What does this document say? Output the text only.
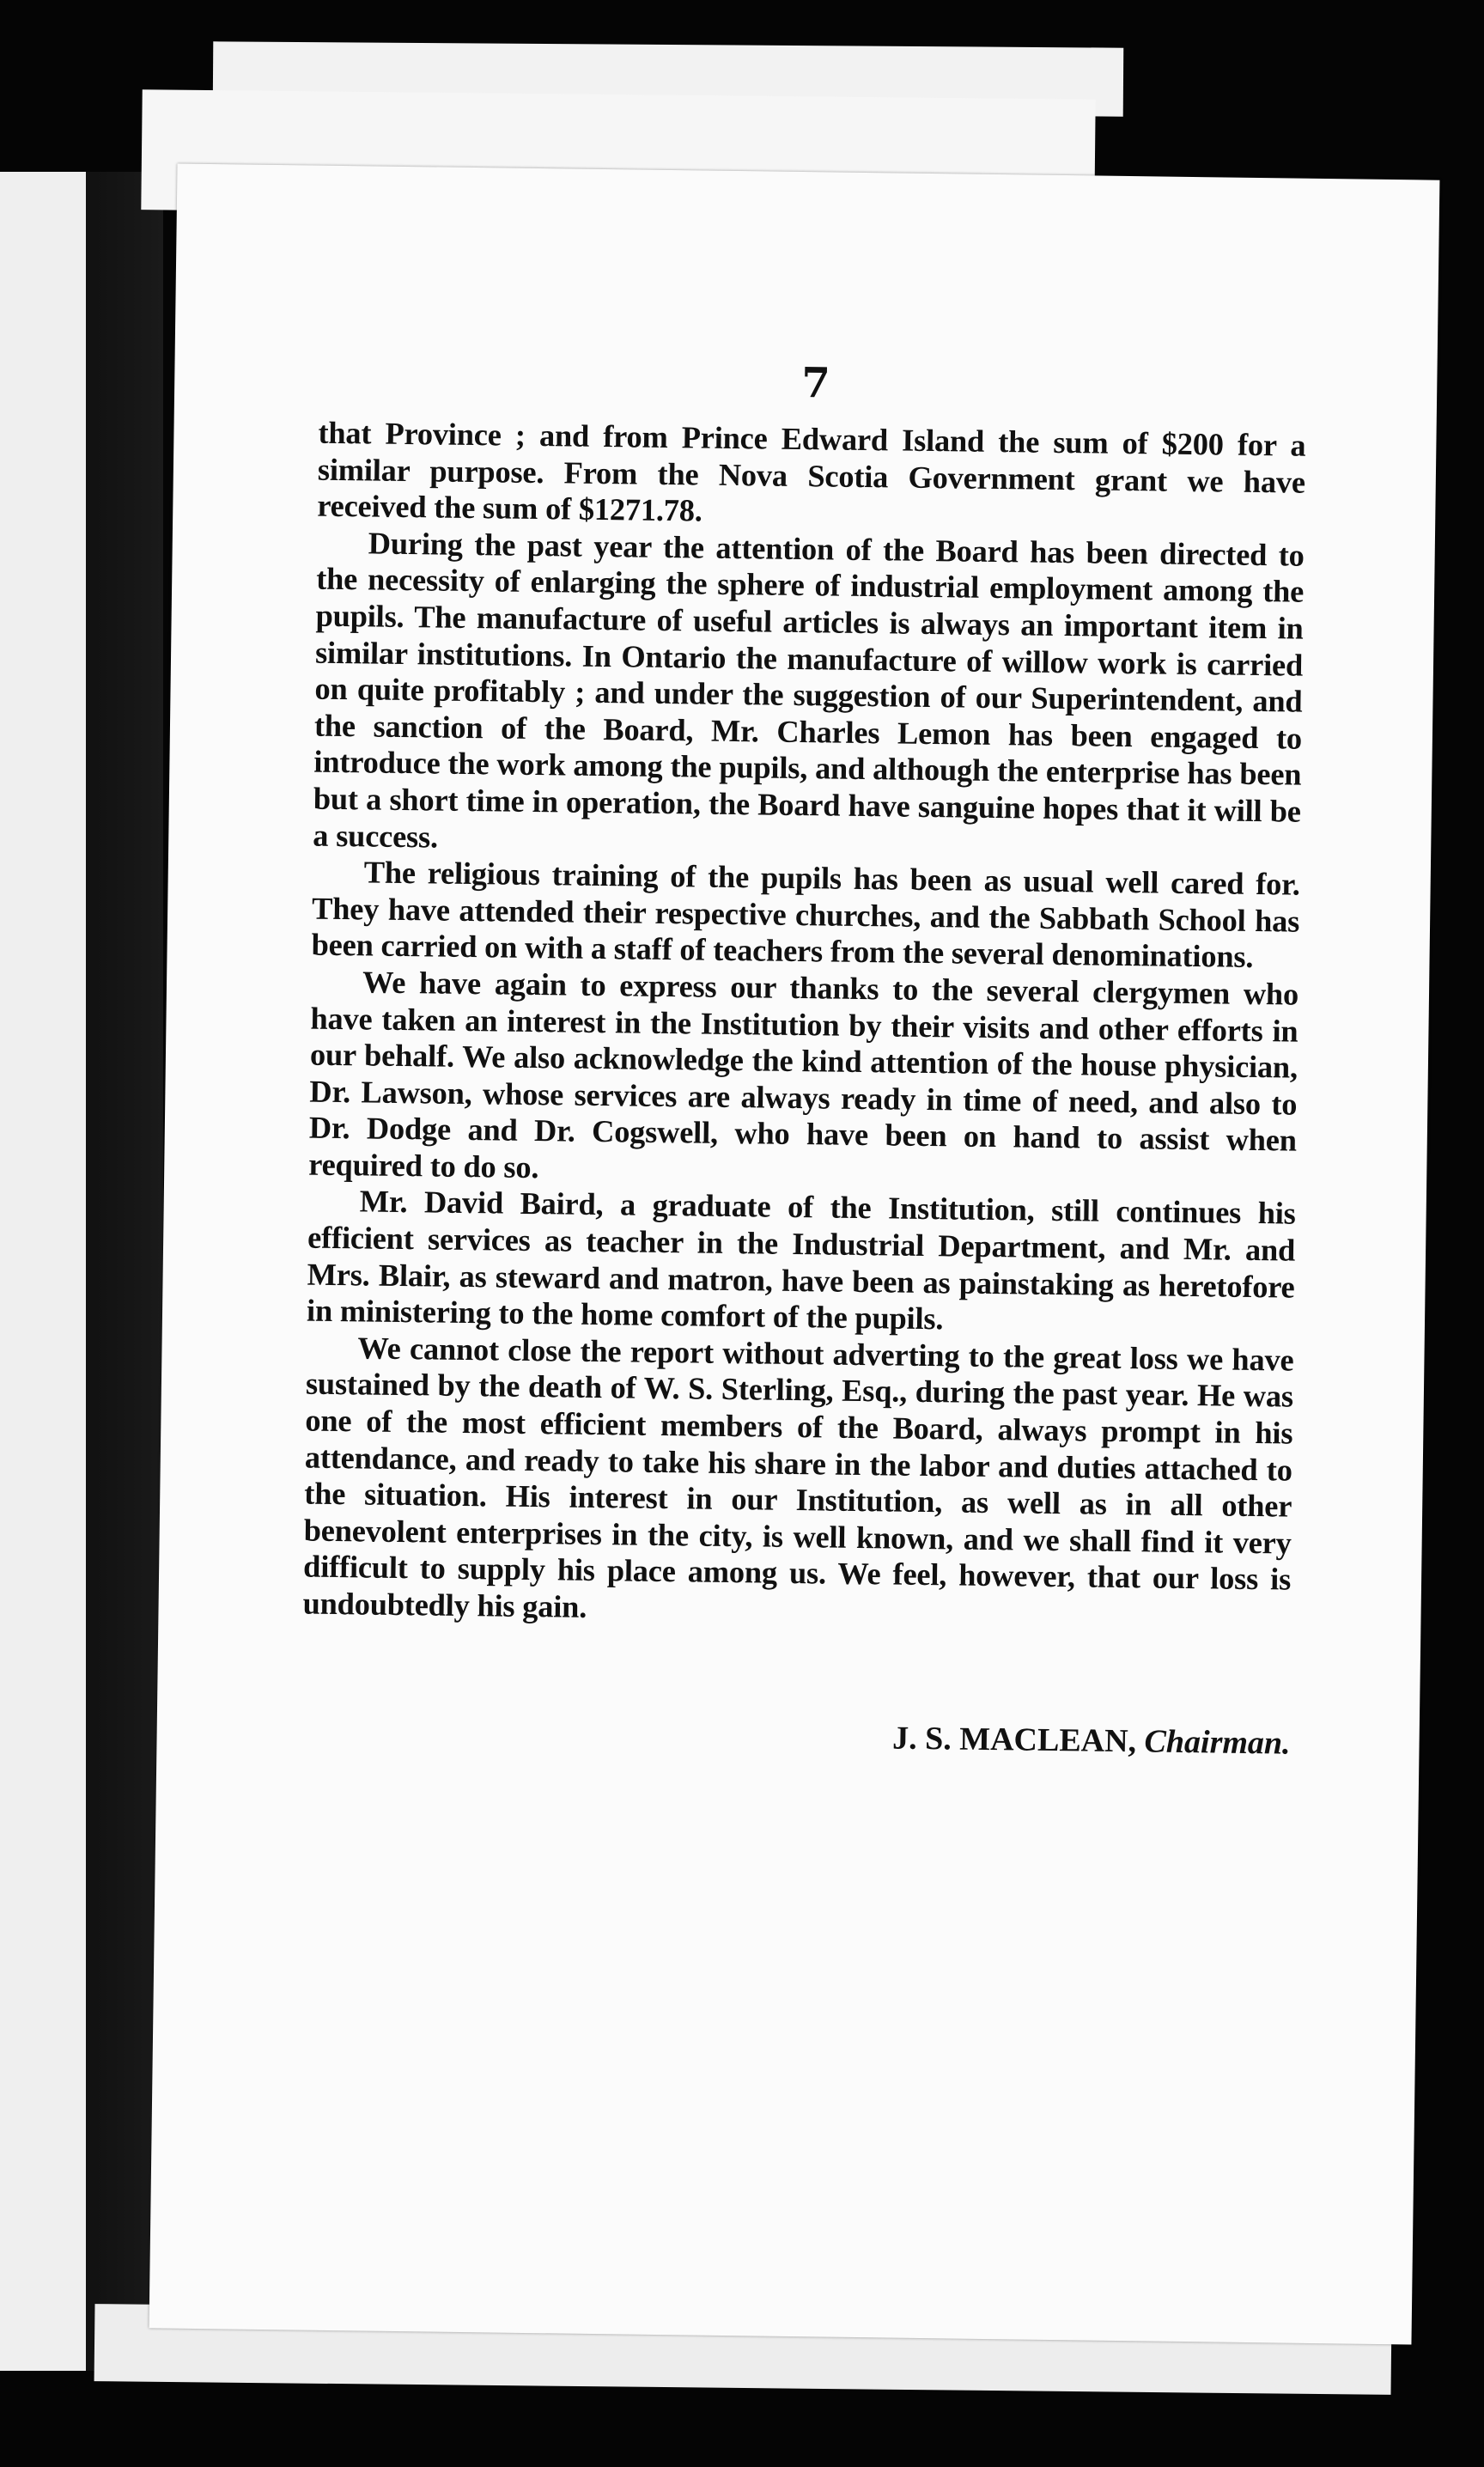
7

that Province ; and from Prince Edward Island the sum of $200 for a similar purpose. From the Nova Scotia Government grant we have received the sum of $1271.78.

During the past year the attention of the Board has been directed to the necessity of enlarging the sphere of industrial employment among the pupils. The manufacture of useful articles is always an important item in similar institutions. In Ontario the manufacture of willow work is carried on quite profitably ; and under the suggestion of our Superintendent, and the sanction of the Board, Mr. Charles Lemon has been engaged to introduce the work among the pupils, and although the enterprise has been but a short time in operation, the Board have sanguine hopes that it will be a success.

The religious training of the pupils has been as usual well cared for. They have attended their respective churches, and the Sabbath School has been carried on with a staff of teachers from the several denominations.

We have again to express our thanks to the several clergymen who have taken an interest in the Institution by their visits and other efforts in our behalf. We also acknowledge the kind attention of the house physician, Dr. Lawson, whose services are always ready in time of need, and also to Dr. Dodge and Dr. Cogswell, who have been on hand to assist when required to do so.

Mr. David Baird, a graduate of the Institution, still continues his efficient services as teacher in the Industrial Department, and Mr. and Mrs. Blair, as steward and matron, have been as painstaking as heretofore in ministering to the home comfort of the pupils.

We cannot close the report without adverting to the great loss we have sustained by the death of W. S. Sterling, Esq., during the past year. He was one of the most efficient members of the Board, always prompt in his attendance, and ready to take his share in the labor and duties attached to the situation. His interest in our Institution, as well as in all other benevolent enterprises in the city, is well known, and we shall find it very difficult to supply his place among us. We feel, however, that our loss is undoubtedly his gain.

J. S. MACLEAN, Chairman.
